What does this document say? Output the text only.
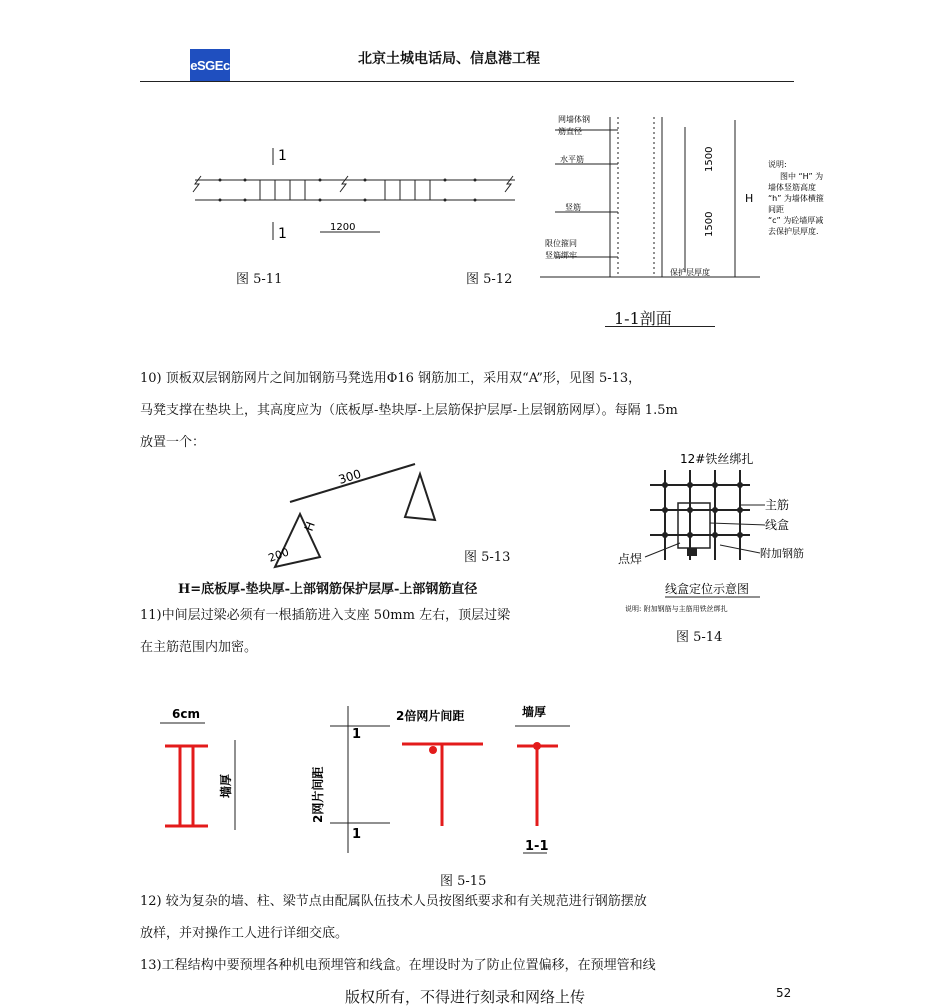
eSGEc	北京土城电话局、信息港工程
1
1	1200
图 5-11	图 5-12
网墙体钢
筋直径
水平筋
竖筋
限位箍同
竖筋绑牢
1500
1500
H
保护层厚度
说明:
图中 “H” 为
墙体竖筋高度
“h” 为墙体横箍
间距
“c” 为砼墙厚减
去保护层厚度.
1-1剖面
10) 顶板双层钢筋网片之间加钢筋马凳选用Φ16 钢筋加工，采用双“A”形，见图 5-13，
马凳支撑在垫块上，其高度应为（底板厚-垫块厚-上层筋保护层厚-上层钢筋网厚）。每隔 1.5m
放置一个：
300
200
H
图 5-13
H=底板厚-垫块厚-上部钢筋保护层厚-上部钢筋直径
12#铁丝绑扎
主筋
线盒
附加钢筋
点焊
线盒定位示意图
说明: 附加钢筋与主筋用铁丝绑扎
图 5-14
11)中间层过梁必须有一根插筋进入支座 50mm 左右，顶层过梁
在主筋范围内加密。
6cm
墙厚
1
1
2网片间距
2倍网片间距	墙厚
1-1
图 5-15
12) 较为复杂的墙、柱、梁节点由配属队伍技术人员按图纸要求和有关规范进行钢筋摆放
放样，并对操作工人进行详细交底。
13)工程结构中要预埋各种机电预埋管和线盒。在埋设时为了防止位置偏移，在预埋管和线
版权所有，不得进行刻录和网络上传	52
